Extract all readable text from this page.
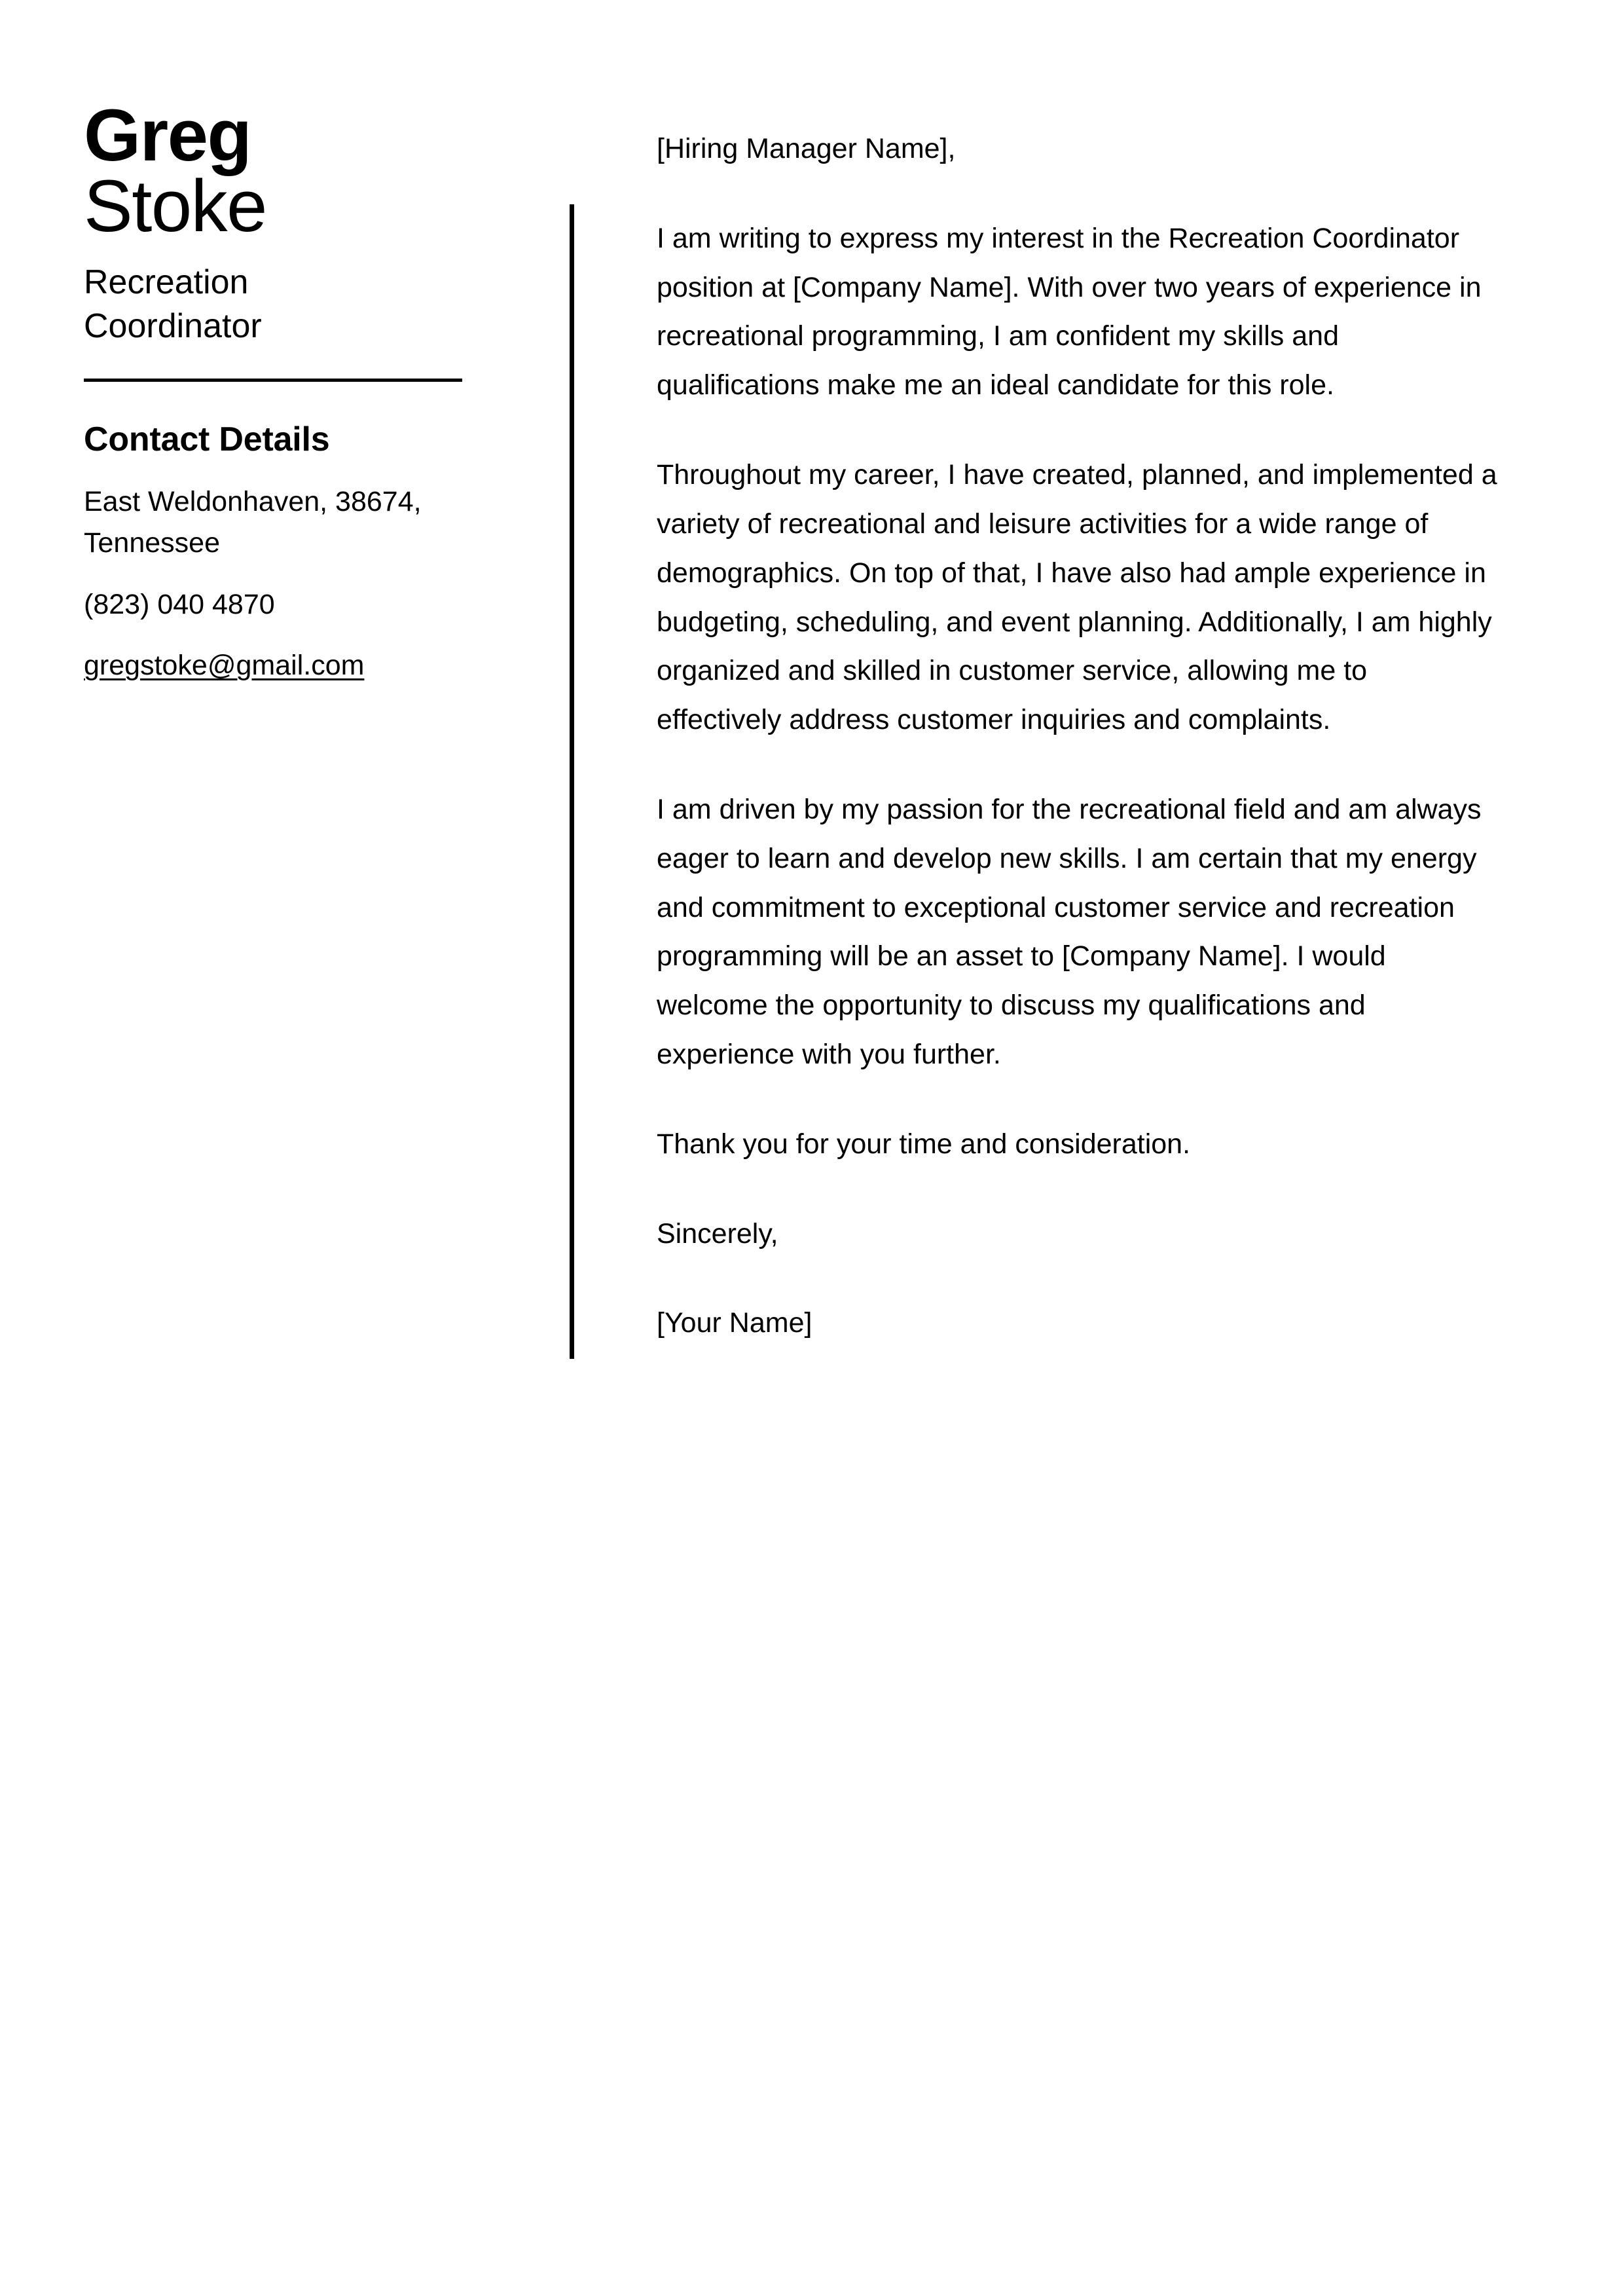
Greg
Stoke
Recreation Coordinator
Contact Details
East Weldonhaven, 38674, Tennessee
(823) 040 4870
gregstoke@gmail.com

[Hiring Manager Name],

I am writing to express my interest in the Recreation Coordinator position at [Company Name]. With over two years of experience in recreational programming, I am confident my skills and qualifications make me an ideal candidate for this role.

Throughout my career, I have created, planned, and implemented a variety of recreational and leisure activities for a wide range of demographics. On top of that, I have also had ample experience in budgeting, scheduling, and event planning. Additionally, I am highly organized and skilled in customer service, allowing me to effectively address customer inquiries and complaints.

I am driven by my passion for the recreational field and am always eager to learn and develop new skills. I am certain that my energy and commitment to exceptional customer service and recreation programming will be an asset to [Company Name]. I would welcome the opportunity to discuss my qualifications and experience with you further.

Thank you for your time and consideration.

Sincerely,

[Your Name]
